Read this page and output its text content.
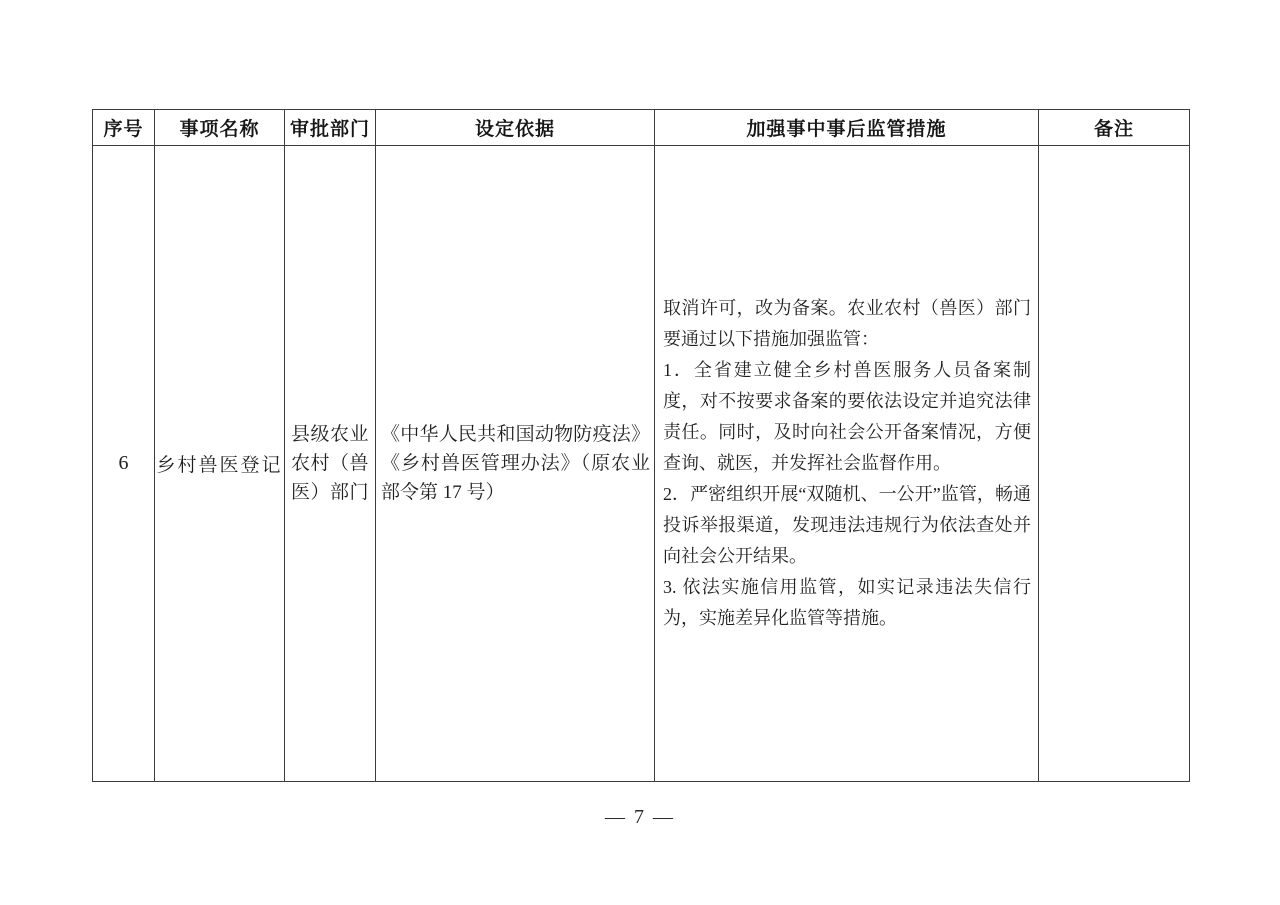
序号	事项名称	审批部门	设定依据	加强事中事后监管措施	备注
6	乡村兽医登记	县级农业农村（兽医）部门	《中华人民共和国动物防疫法》《乡村兽医管理办法》（原农业部令第 17 号）	取消许可，改为备案。农业农村（兽医）部门要通过以下措施加强监管：

1．全省建立健全乡村兽医服务人员备案制度，对不按要求备案的要依法设定并追究法律责任。同时，及时向社会公开备案情况，方便查询、就医，并发挥社会监督作用。

2．严密组织开展“双随机、一公开”监管，畅通投诉举报渠道，发现违法违规行为依法查处并向社会公开结果。

3. 依法实施信用监管，如实记录违法失信行为，实施差异化监管等措施。	

— 7 —
